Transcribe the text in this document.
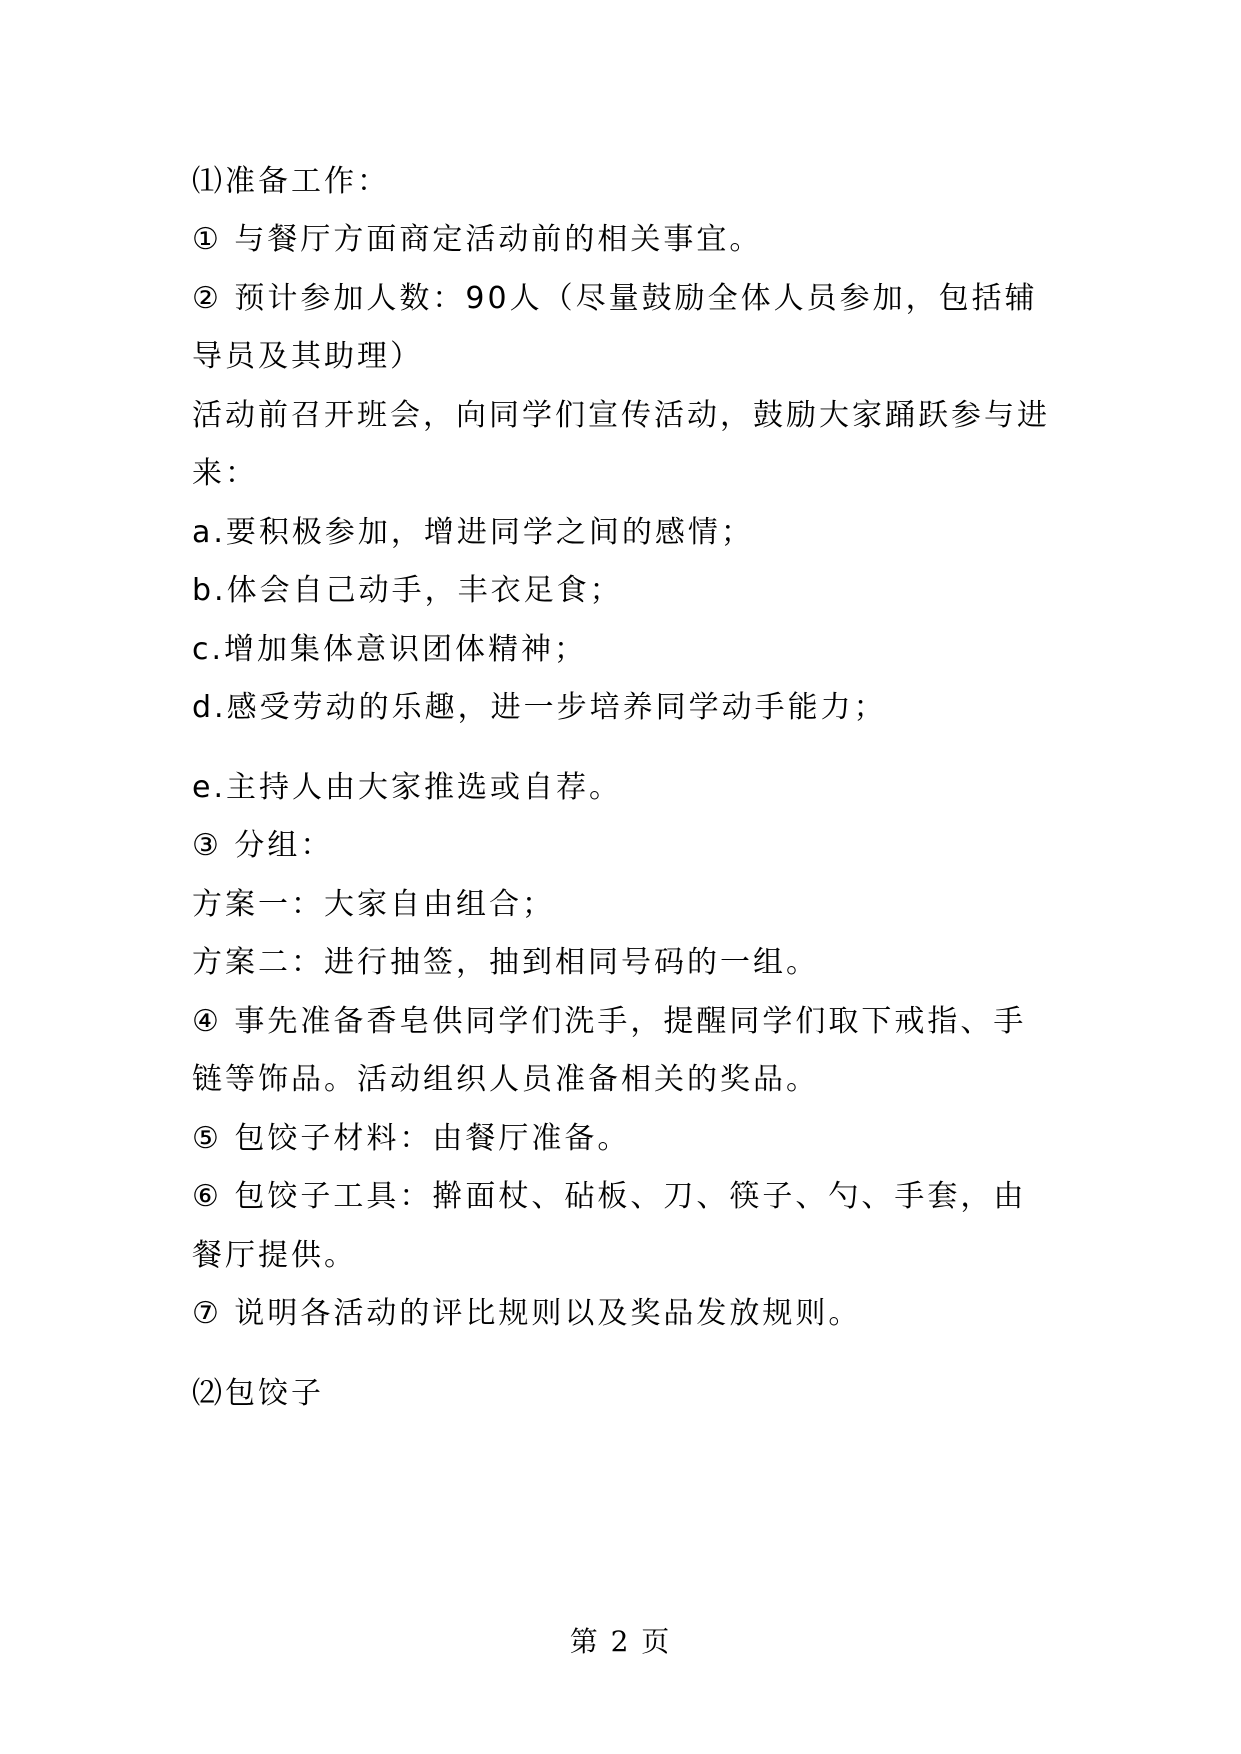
⑴准备工作：
① 与餐厅方面商定活动前的相关事宜。
② 预计参加人数：90人（尽量鼓励全体人员参加，包括辅
导员及其助理）
活动前召开班会，向同学们宣传活动，鼓励大家踊跃参与进
来：
a.要积极参加，增进同学之间的感情；
b.体会自己动手，丰衣足食；
c.增加集体意识团体精神；
d.感受劳动的乐趣，进一步培养同学动手能力；
e.主持人由大家推选或自荐。
③ 分组：
方案一：大家自由组合；
方案二：进行抽签，抽到相同号码的一组。
④ 事先准备香皂供同学们洗手，提醒同学们取下戒指、手
链等饰品。活动组织人员准备相关的奖品。
⑤ 包饺子材料：由餐厅准备。
⑥ 包饺子工具：擀面杖、砧板、刀、筷子、勺、手套，由
餐厅提供。
⑦ 说明各活动的评比规则以及奖品发放规则。
⑵包饺子
第 2 页
